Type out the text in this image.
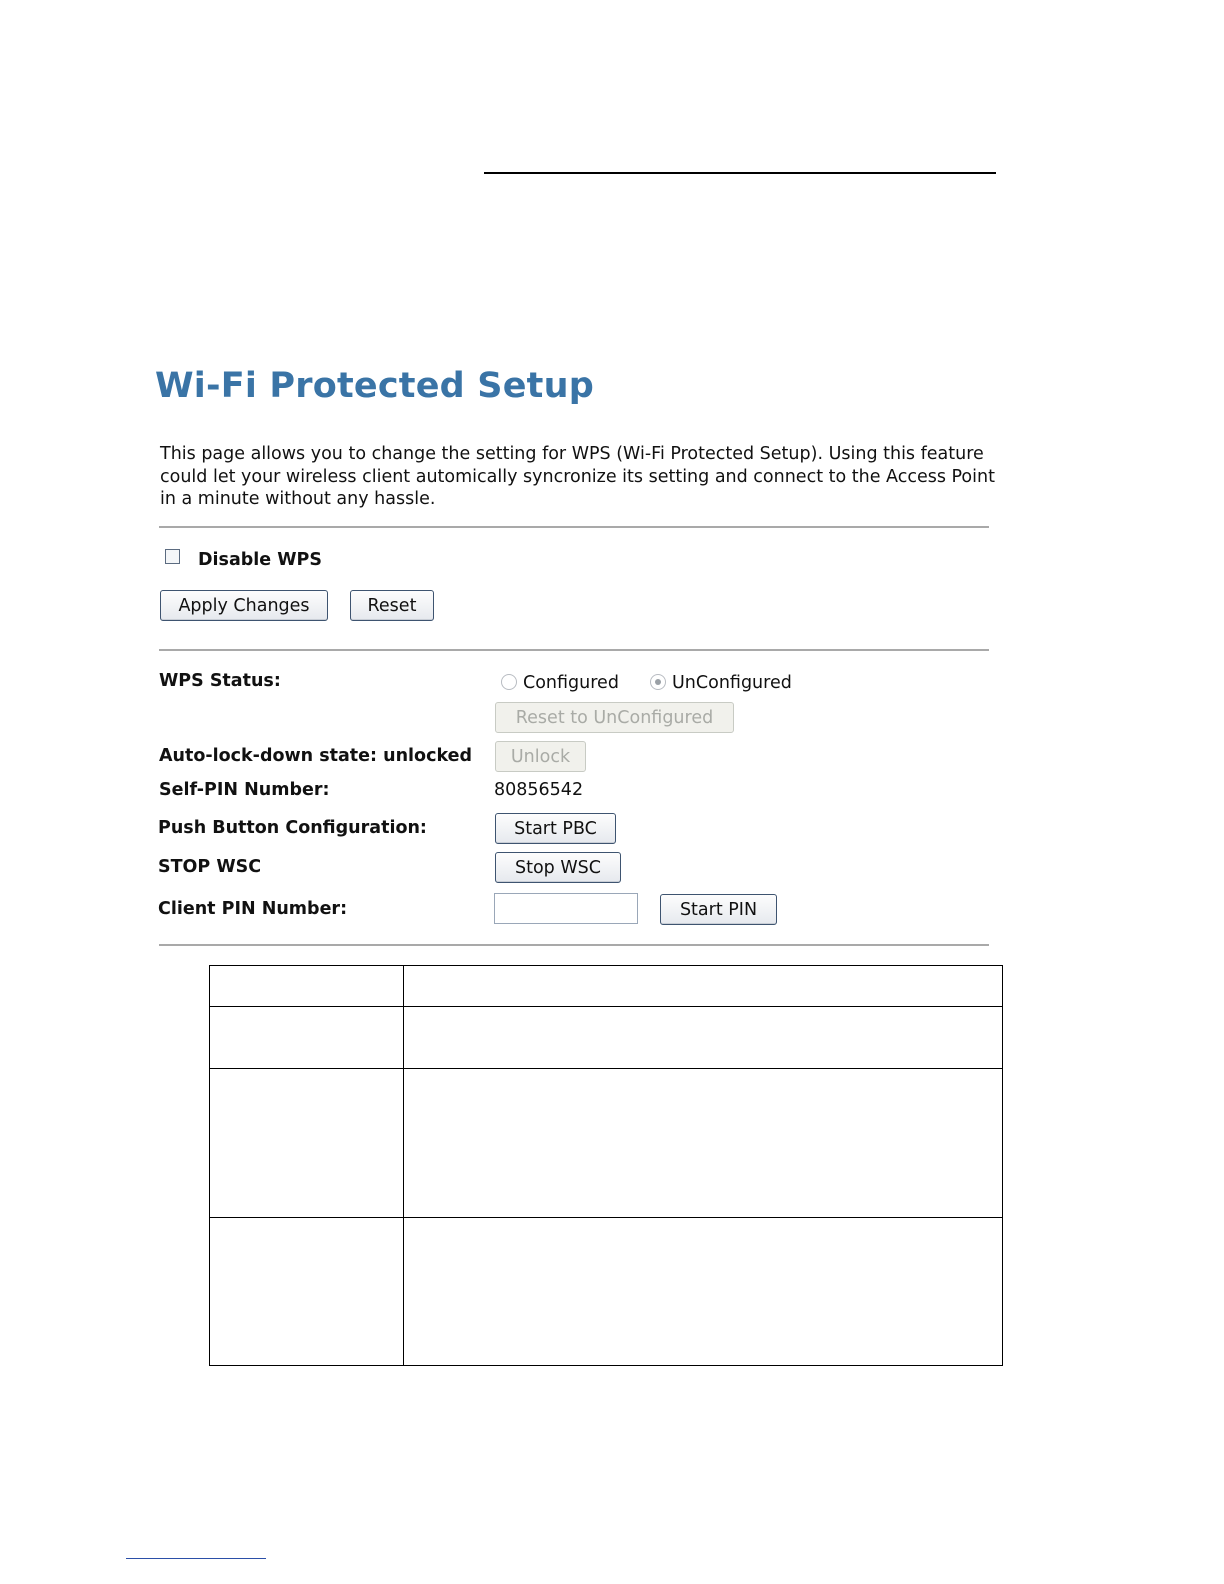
Wi-Fi Protected Setup

This page allows you to change the setting for WPS (Wi-Fi Protected Setup). Using this feature could let your wireless client automically syncronize its setting and connect to the Access Point in a minute without any hassle.

Disable WPS
Apply Changes	Reset
WPS Status:	Configured	UnConfigured
Reset to UnConfigured
Auto-lock-down state: unlocked	Unlock
Self-PIN Number:	80856542
Push Button Configuration:	Start PBC
STOP WSC	Stop WSC
Client PIN Number:	Start PIN
